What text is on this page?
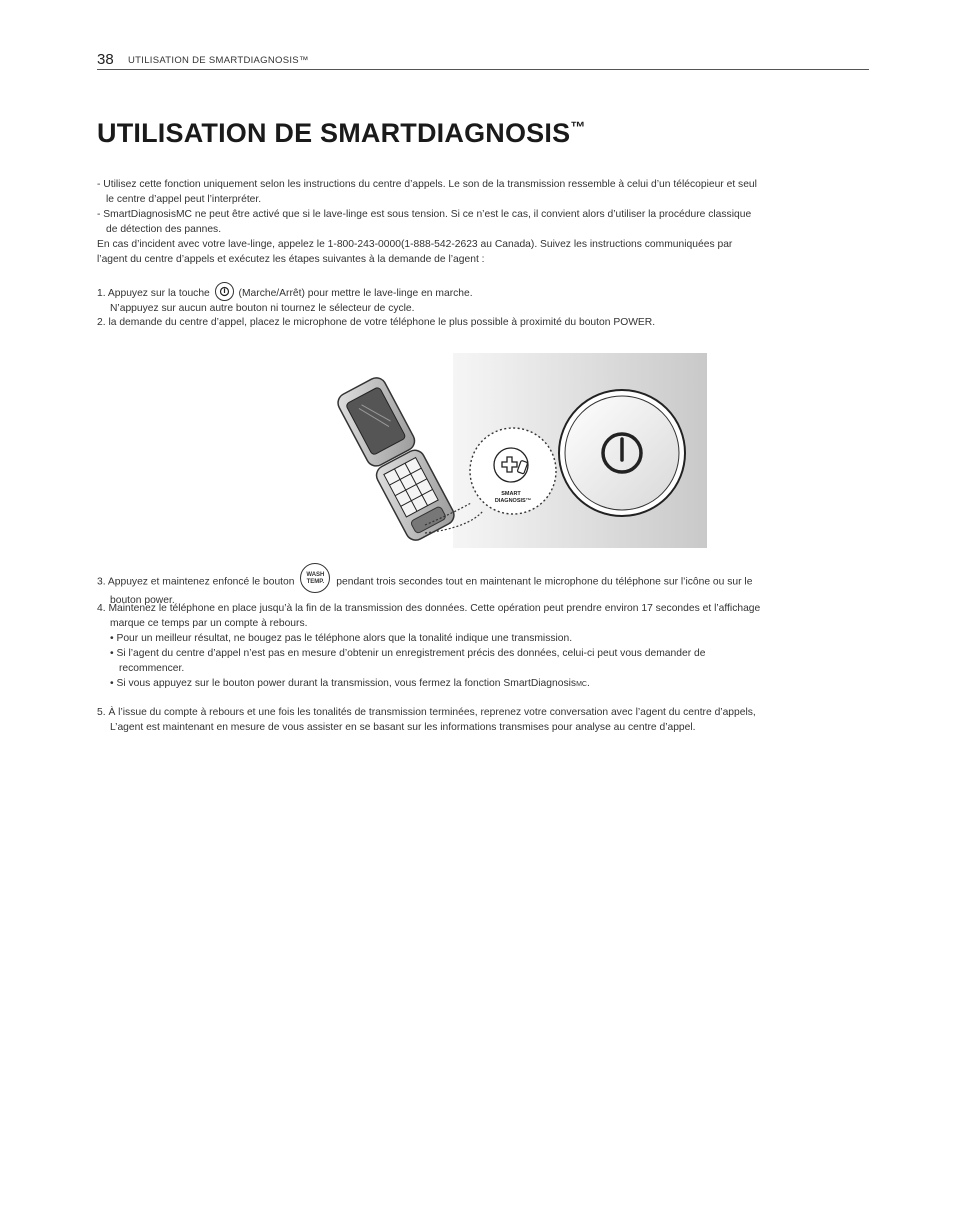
38 UTILISATION DE SMARTDIAGNOSIS™
UTILISATION DE SMARTDIAGNOSIS™

- Utilisez cette fonction uniquement selon les instructions du centre d’appels. Le son de la transmission ressemble à celui d’un télécopieur et seul
le centre d’appel peut l’interpréter.

- SmartDiagnosisMC ne peut être activé que si le lave-linge est sous tension. Si ce n’est le cas, il convient alors d’utiliser la procédure classique
de détection des pannes.

En cas d’incident avec votre lave-linge, appelez le 1-800-243-0000(1-888-542-2623 au Canada). Suivez les instructions communiquées par
l’agent du centre d’appels et exécutez les étapes suivantes à la demande de l’agent :

1. Appuyez sur la touche	(Marche/Arrêt) pour mettre le lave-linge en marche.
N’appuyez sur aucun autre bouton ni tournez le sélecteur de cycle.

2. la demande du centre d’appel, placez le microphone de votre téléphone le plus possible à proximité du bouton POWER.

SMART
DIAGNOSIS™

3. Appuyez et maintenez enfoncé le bouton
WASH
TEMP.	pendant trois secondes tout en maintenant le microphone du téléphone sur l’icône ou sur le
bouton power.

4. Maintenez le téléphone en place jusqu’à la fin de la transmission des données. Cette opération peut prendre environ 17 secondes et l’affichage
marque ce temps par un compte à rebours.
• Pour un meilleur résultat, ne bougez pas le téléphone alors que la tonalité indique une transmission.
• Si l’agent du centre d’appel n’est pas en mesure d’obtenir un enregistrement précis des données, celui-ci peut vous demander de
recommencer.
• Si vous appuyez sur le bouton power durant la transmission, vous fermez la fonction SmartDiagnosisMC.

5. À l’issue du compte à rebours et une fois les tonalités de transmission terminées, reprenez votre conversation avec l’agent du centre d’appels,
L’agent est maintenant en mesure de vous assister en se basant sur les informations transmises pour analyse au centre d’appel.
